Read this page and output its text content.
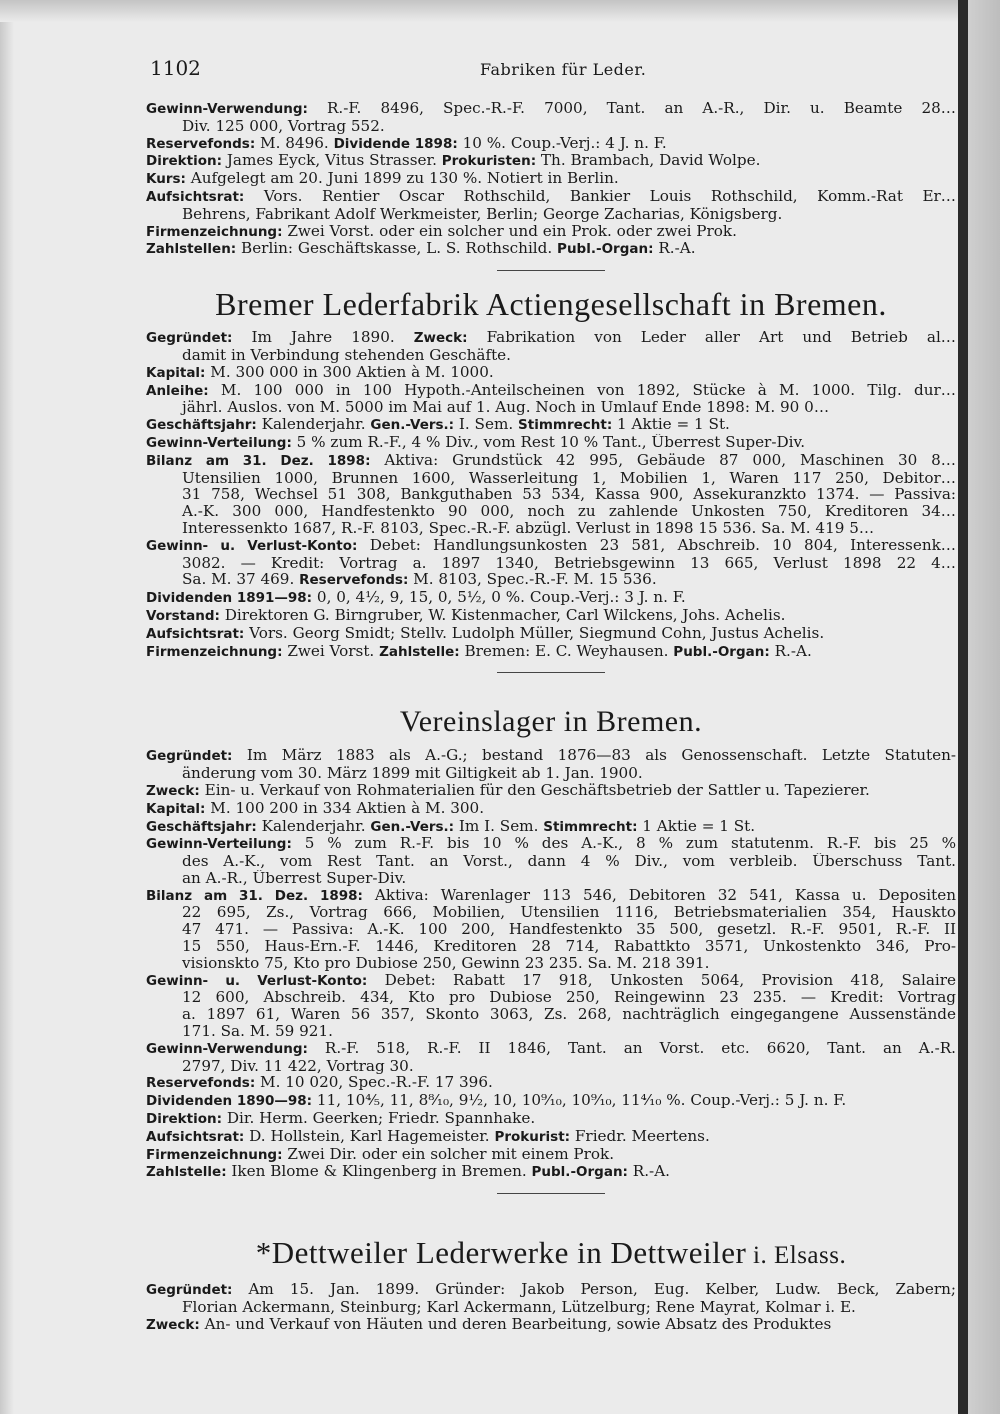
1102	Fabriken für Leder.
Gewinn-Verwendung: R.-F. 8496, Spec.-R.-F. 7000, Tant. an A.-R., Dir. u. Beamte 28…
Div. 125 000, Vortrag 552.
Reservefonds: M. 8496. Dividende 1898: 10 %. Coup.-Verj.: 4 J. n. F.
Direktion: James Eyck, Vitus Strasser. Prokuristen: Th. Brambach, David Wolpe.
Kurs: Aufgelegt am 20. Juni 1899 zu 130 %. Notiert in Berlin.
Aufsichtsrat: Vors. Rentier Oscar Rothschild, Bankier Louis Rothschild, Komm.-Rat Er…
Behrens, Fabrikant Adolf Werkmeister, Berlin; George Zacharias, Königsberg.
Firmenzeichnung: Zwei Vorst. oder ein solcher und ein Prok. oder zwei Prok.
Zahlstellen: Berlin: Geschäftskasse, L. S. Rothschild. Publ.-Organ: R.-A.
Bremer Lederfabrik Actiengesellschaft in Bremen.
Gegründet: Im Jahre 1890. Zweck: Fabrikation von Leder aller Art und Betrieb al…
damit in Verbindung stehenden Geschäfte.
Kapital: M. 300 000 in 300 Aktien à M. 1000.
Anleihe: M. 100 000 in 100 Hypoth.-Anteilscheinen von 1892, Stücke à M. 1000. Tilg. dur…
jährl. Auslos. von M. 5000 im Mai auf 1. Aug. Noch in Umlauf Ende 1898: M. 90 0…
Geschäftsjahr: Kalenderjahr. Gen.-Vers.: I. Sem. Stimmrecht: 1 Aktie = 1 St.
Gewinn-Verteilung: 5 % zum R.-F., 4 % Div., vom Rest 10 % Tant., Überrest Super-Div.
Bilanz am 31. Dez. 1898: Aktiva: Grundstück 42 995, Gebäude 87 000, Maschinen 30 8…
Utensilien 1000, Brunnen 1600, Wasserleitung 1, Mobilien 1, Waren 117 250, Debitor…
31 758, Wechsel 51 308, Bankguthaben 53 534, Kassa 900, Assekuranzkto 1374. — Passiva:
A.-K. 300 000, Handfestenkto 90 000, noch zu zahlende Unkosten 750, Kreditoren 34…
Interessenkto 1687, R.-F. 8103, Spec.-R.-F. abzügl. Verlust in 1898 15 536. Sa. M. 419 5…
Gewinn- u. Verlust-Konto: Debet: Handlungsunkosten 23 581, Abschreib. 10 804, Interessenk…
3082. — Kredit: Vortrag a. 1897 1340, Betriebsgewinn 13 665, Verlust 1898 22 4…
Sa. M. 37 469. Reservefonds: M. 8103, Spec.-R.-F. M. 15 536.
Dividenden 1891—98: 0, 0, 4½, 9, 15, 0, 5½, 0 %. Coup.-Verj.: 3 J. n. F.
Vorstand: Direktoren G. Birngruber, W. Kistenmacher, Carl Wilckens, Johs. Achelis.
Aufsichtsrat: Vors. Georg Smidt; Stellv. Ludolph Müller, Siegmund Cohn, Justus Achelis.
Firmenzeichnung: Zwei Vorst. Zahlstelle: Bremen: E. C. Weyhausen. Publ.-Organ: R.-A.
Vereinslager in Bremen.
Gegründet: Im März 1883 als A.-G.; bestand 1876—83 als Genossenschaft. Letzte Statuten-
änderung vom 30. März 1899 mit Giltigkeit ab 1. Jan. 1900.
Zweck: Ein- u. Verkauf von Rohmaterialien für den Geschäftsbetrieb der Sattler u. Tapezierer.
Kapital: M. 100 200 in 334 Aktien à M. 300.
Geschäftsjahr: Kalenderjahr. Gen.-Vers.: Im I. Sem. Stimmrecht: 1 Aktie = 1 St.
Gewinn-Verteilung: 5 % zum R.-F. bis 10 % des A.-K., 8 % zum statutenm. R.-F. bis 25 %
des A.-K., vom Rest Tant. an Vorst., dann 4 % Div., vom verbleib. Überschuss Tant.
an A.-R., Überrest Super-Div.
Bilanz am 31. Dez. 1898: Aktiva: Warenlager 113 546, Debitoren 32 541, Kassa u. Depositen
22 695, Zs., Vortrag 666, Mobilien, Utensilien 1116, Betriebsmaterialien 354, Hauskto
47 471. — Passiva: A.-K. 100 200, Handfestenkto 35 500, gesetzl. R.-F. 9501, R.-F. II
15 550, Haus-Ern.-F. 1446, Kreditoren 28 714, Rabattkto 3571, Unkostenkto 346, Pro-
visionskto 75, Kto pro Dubiose 250, Gewinn 23 235. Sa. M. 218 391.
Gewinn- u. Verlust-Konto: Debet: Rabatt 17 918, Unkosten 5064, Provision 418, Salaire
12 600, Abschreib. 434, Kto pro Dubiose 250, Reingewinn 23 235. — Kredit: Vortrag
a. 1897 61, Waren 56 357, Skonto 3063, Zs. 268, nachträglich eingegangene Aussenstände
171. Sa. M. 59 921.
Gewinn-Verwendung: R.-F. 518, R.-F. II 1846, Tant. an Vorst. etc. 6620, Tant. an A.-R.
2797, Div. 11 422, Vortrag 30.
Reservefonds: M. 10 020, Spec.-R.-F. 17 396.
Dividenden 1890—98: 11, 10⅘, 11, 8⁸⁄₁₀, 9½, 10, 10⁹⁄₁₀, 10⁹⁄₁₀, 11⁴⁄₁₀ %. Coup.-Verj.: 5 J. n. F.
Direktion: Dir. Herm. Geerken; Friedr. Spannhake.
Aufsichtsrat: D. Hollstein, Karl Hagemeister. Prokurist: Friedr. Meertens.
Firmenzeichnung: Zwei Dir. oder ein solcher mit einem Prok.
Zahlstelle: Iken Blome & Klingenberg in Bremen. Publ.-Organ: R.-A.
*Dettweiler Lederwerke in Dettweiler i. Elsass.
Gegründet: Am 15. Jan. 1899. Gründer: Jakob Person, Eug. Kelber, Ludw. Beck, Zabern;
Florian Ackermann, Steinburg; Karl Ackermann, Lützelburg; Rene Mayrat, Kolmar i. E.
Zweck: An- und Verkauf von Häuten und deren Bearbeitung, sowie Absatz des Produktes
